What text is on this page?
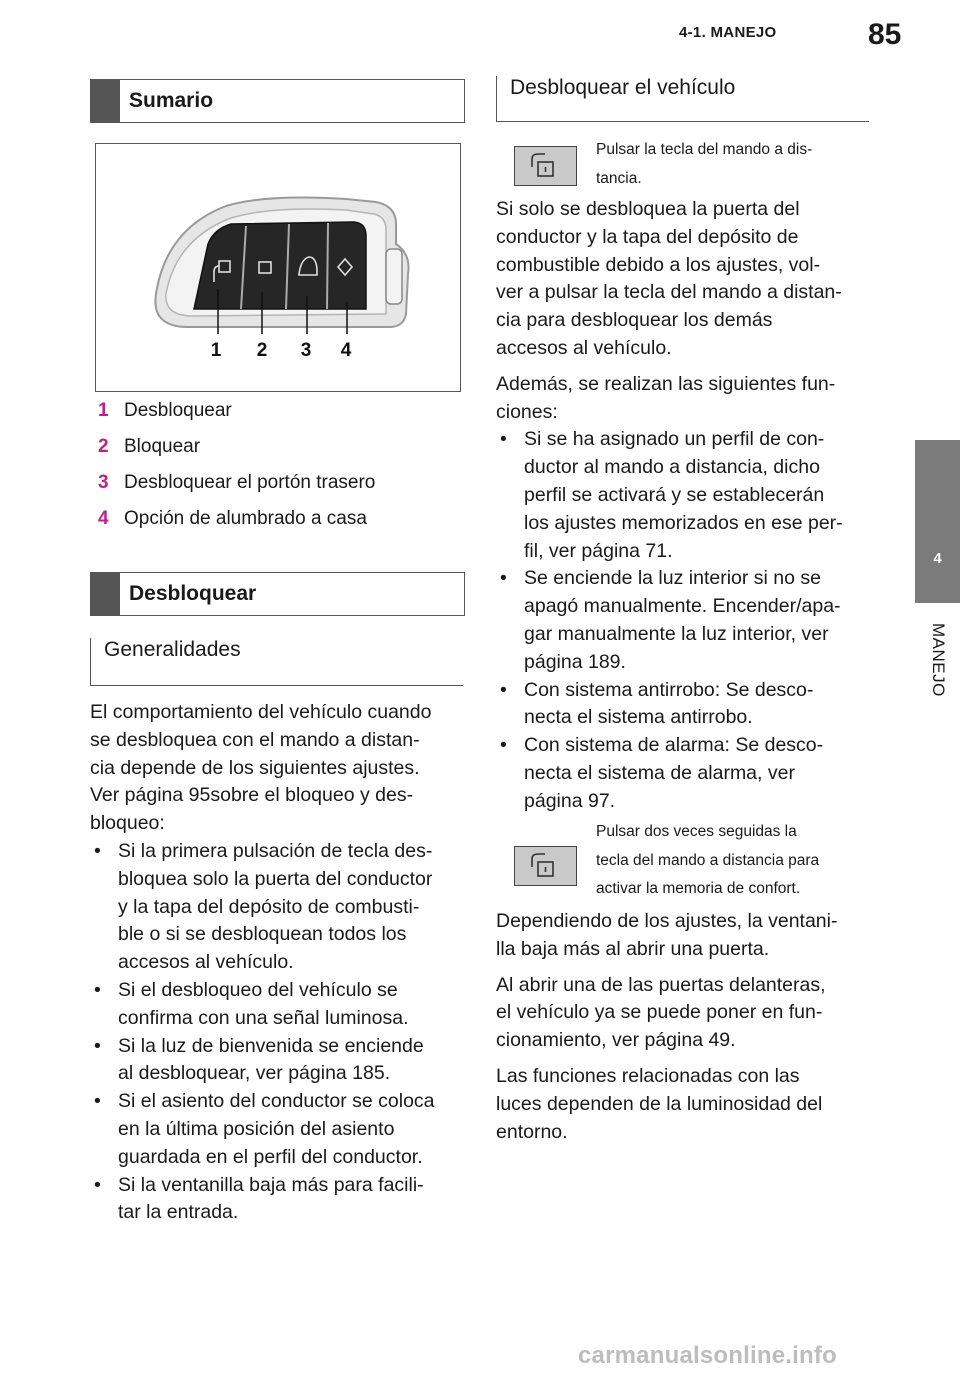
4-1. MANEJO	85
4
MANEJO
Sumario
1 2 3 4
1 Desbloquear
2 Bloquear
3 Desbloquear el portón trasero
4 Opción de alumbrado a casa
Desbloquear
Generalidades

El comportamiento del vehículo cuando

se desbloquea con el mando a distan-

cia depende de los siguientes ajustes.

Ver página 95sobre el bloqueo y des-

bloqueo:

• Si la primera pulsación de tecla des-

bloquea solo la puerta del conductor

y la tapa del depósito de combusti-

ble o si se desbloquean todos los

accesos al vehículo.

• Si el desbloqueo del vehículo se

confirma con una señal luminosa.

• Si la luz de bienvenida se enciende

al desbloquear, ver página 185.

• Si el asiento del conductor se coloca

en la última posición del asiento

guardada en el perfil del conductor.

• Si la ventanilla baja más para facili-

tar la entrada.

Desbloquear el vehículo
Pulsar la tecla del mando a dis-
tancia.

Si solo se desbloquea la puerta del

conductor y la tapa del depósito de

combustible debido a los ajustes, vol-

ver a pulsar la tecla del mando a distan-

cia para desbloquear los demás

accesos al vehículo.

Además, se realizan las siguientes fun-

ciones:

• Si se ha asignado un perfil de con-

ductor al mando a distancia, dicho

perfil se activará y se establecerán

los ajustes memorizados en ese per-

fil, ver página 71.

• Se enciende la luz interior si no se

apagó manualmente. Encender/apa-

gar manualmente la luz interior, ver

página 189.

• Con sistema antirrobo: Se desco-

necta el sistema antirrobo.

• Con sistema de alarma: Se desco-

necta el sistema de alarma, ver

página 97.

Pulsar dos veces seguidas la
tecla del mando a distancia para
activar la memoria de confort.

Dependiendo de los ajustes, la ventani-

lla baja más al abrir una puerta.

Al abrir una de las puertas delanteras,

el vehículo ya se puede poner en fun-

cionamiento, ver página 49.

Las funciones relacionadas con las

luces dependen de la luminosidad del

entorno.

carmanualsonline.info
